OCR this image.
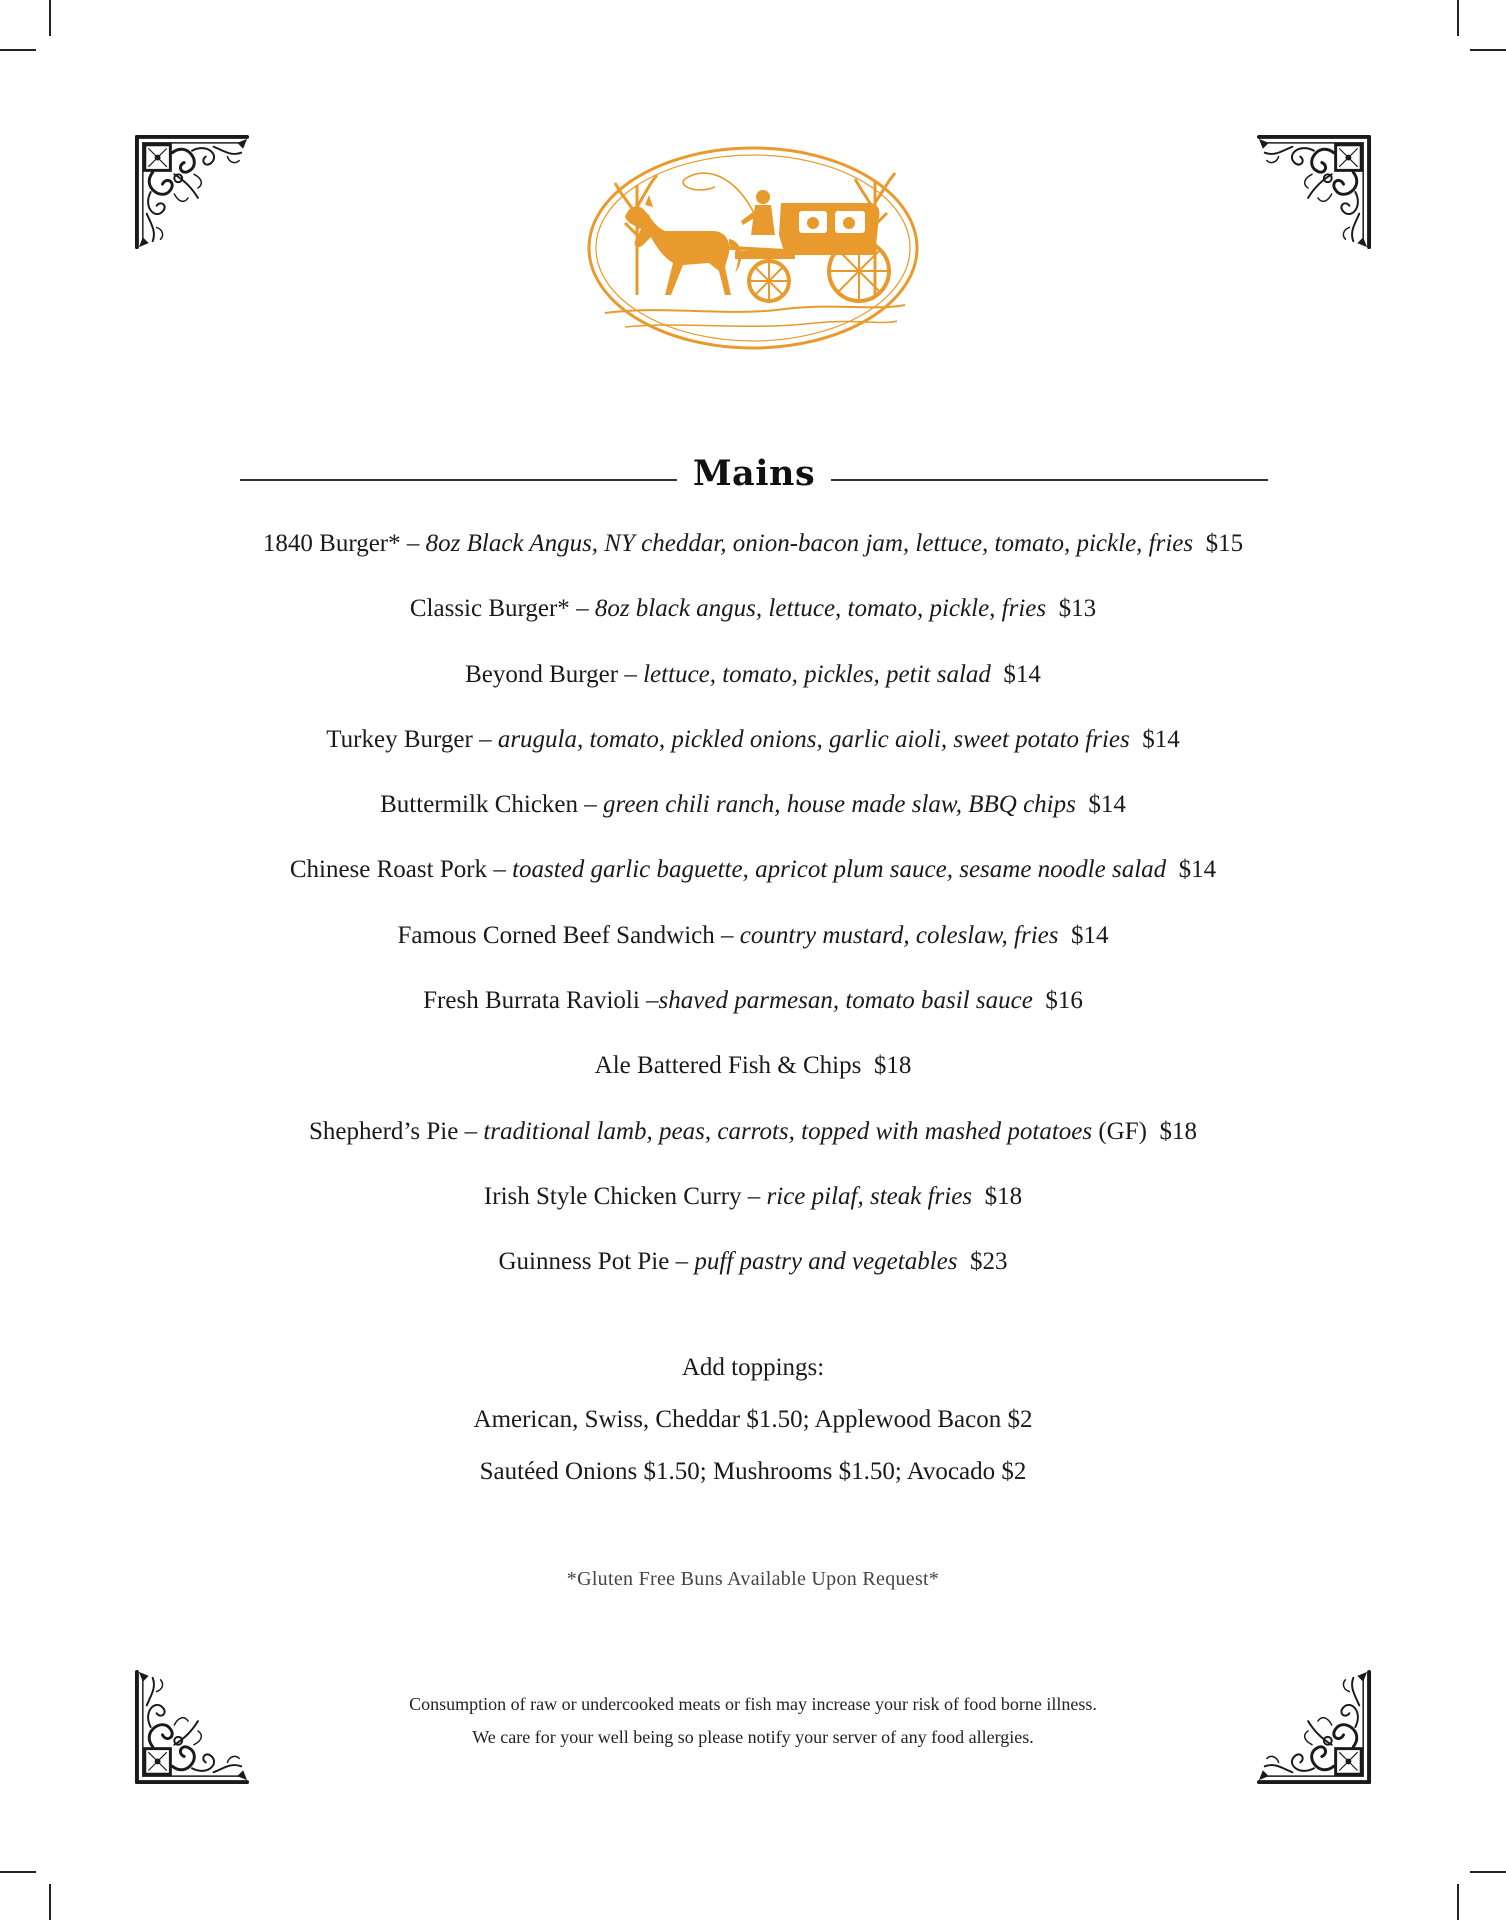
Mains
1840 Burger* – 8oz Black Angus, NY cheddar, onion-bacon jam, lettuce, tomato, pickle, fries $15
Classic Burger* – 8oz black angus, lettuce, tomato, pickle, fries $13
Beyond Burger – lettuce, tomato, pickles, petit salad $14
Turkey Burger – arugula, tomato, pickled onions, garlic aioli, sweet potato fries $14
Buttermilk Chicken – green chili ranch, house made slaw, BBQ chips $14
Chinese Roast Pork – toasted garlic baguette, apricot plum sauce, sesame noodle salad $14
Famous Corned Beef Sandwich – country mustard, coleslaw, fries $14
Fresh Burrata Ravioli –shaved parmesan, tomato basil sauce $16
Ale Battered Fish & Chips $18
Shepherd’s Pie – traditional lamb, peas, carrots, topped with mashed potatoes (GF) $18
Irish Style Chicken Curry – rice pilaf, steak fries $18
Guinness Pot Pie – puff pastry and vegetables $23
Add toppings:
American, Swiss, Cheddar $1.50; Applewood Bacon $2
Sautéed Onions $1.50; Mushrooms $1.50; Avocado $2
*Gluten Free Buns Available Upon Request*
Consumption of raw or undercooked meats or fish may increase your risk of food borne illness.
We care for your well being so please notify your server of any food allergies.
